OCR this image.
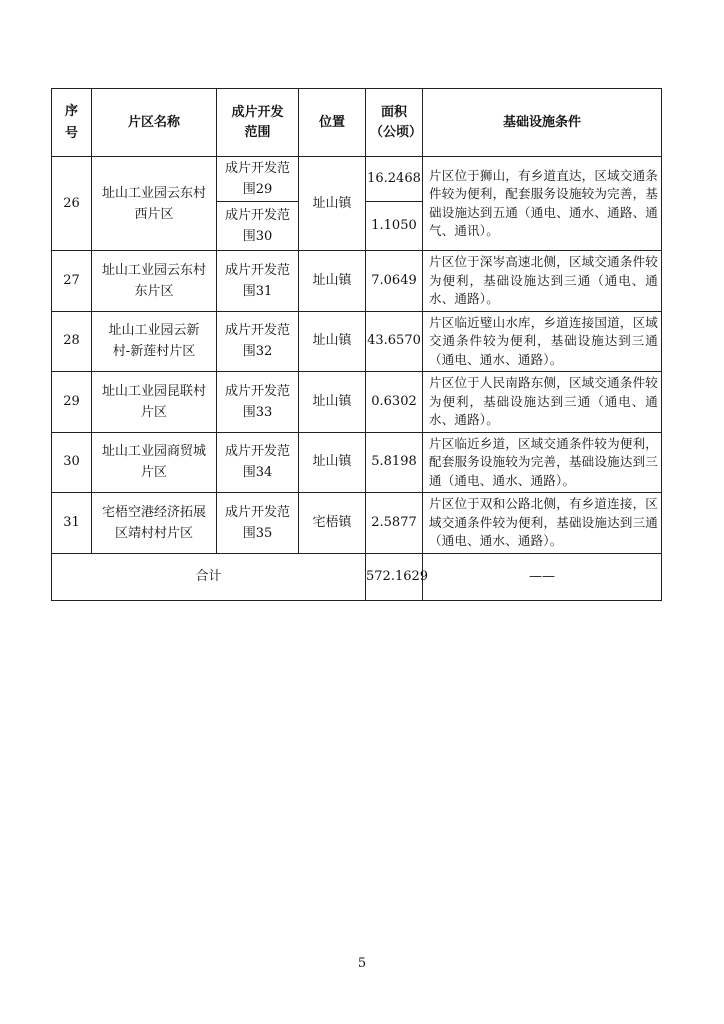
序号	片区名称	成片开发范围	位置	面积（公顷）	基础设施条件
26	址山工业园云东村西片区	成片开发范围29	址山镇	16.2468	片区位于狮山，有乡道直达，区域交通条件较为便利，配套服务设施较为完善，基础设施达到五通（通电、通水、通路、通气、通讯）。
		成片开发范围30		1.1050	
27	址山工业园云东村东片区	成片开发范围31	址山镇	7.0649	片区位于深岑高速北侧，区域交通条件较为便利，基础设施达到三通（通电、通水、通路）。
28	址山工业园云新村-新莲村片区	成片开发范围32	址山镇	43.6570	片区临近璧山水库，乡道连接国道，区域交通条件较为便利，基础设施达到三通（通电、通水、通路）。
29	址山工业园昆联村片区	成片开发范围33	址山镇	0.6302	片区位于人民南路东侧，区域交通条件较为便利，基础设施达到三通（通电、通水、通路）。
30	址山工业园商贸城片区	成片开发范围34	址山镇	5.8198	片区临近乡道，区域交通条件较为便利，配套服务设施较为完善，基础设施达到三通（通电、通水、通路）。
31	宅梧空港经济拓展区靖村村片区	成片开发范围35	宅梧镇	2.5877	片区位于双和公路北侧，有乡道连接，区域交通条件较为便利，基础设施达到三通（通电、通水、通路）。
合计				572.1629	——
5
